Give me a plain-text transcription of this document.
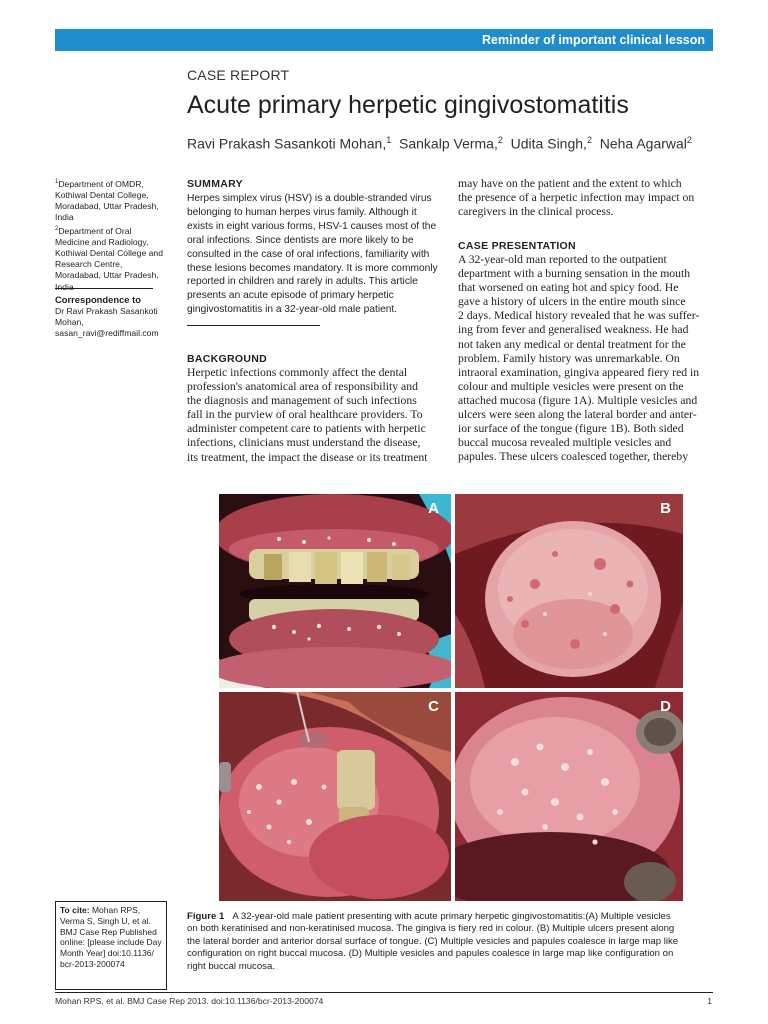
Reminder of important clinical lesson
CASE REPORT
Acute primary herpetic gingivostomatitis
Ravi Prakash Sasankoti Mohan,$^1$ Sankalp Verma,$^2$ Udita Singh,$^2$ Neha Agarwal$^2$
$^1$Department of OMDR, Kothiwal Dental College, Moradabad, Uttar Pradesh, India
$^2$Department of Oral Medicine and Radiology, Kothiwal Dental College and Research Centre, Moradabad, Uttar Pradesh, India
Correspondence to
Dr Ravi Prakash Sasankoti
Mohan,
sasan_ravi@rediffmail.com
SUMMARY
Herpes simplex virus (HSV) is a double-stranded virus
belonging to human herpes virus family. Although it
exists in eight various forms, HSV-1 causes most of the
oral infections. Since dentists are more likely to be
consulted in the case of oral infections, familiarity with
these lesions becomes mandatory. It is more commonly
reported in children and rarely in adults. This article
presents an acute episode of primary herpetic
gingivostomatitis in a 32-year-old male patient.
BACKGROUND
Herpetic infections commonly affect the dental
profession's anatomical area of responsibility and
the diagnosis and management of such infections
fall in the purview of oral healthcare providers. To
administer competent care to patients with herpetic
infections, clinicians must understand the disease,
its treatment, the impact the disease or its treatment
may have on the patient and the extent to which
the presence of a herpetic infection may impact on
caregivers in the clinical process.
CASE PRESENTATION
A 32-year-old man reported to the outpatient
department with a burning sensation in the mouth
that worsened on eating hot and spicy food. He
gave a history of ulcers in the entire mouth since
2 days. Medical history revealed that he was suffer-
ing from fever and generalised weakness. He had
not taken any medical or dental treatment for the
problem. Family history was unremarkable. On
intraoral examination, gingiva appeared fiery red in
colour and multiple vesicles were present on the
attached mucosa (figure 1A). Multiple vesicles and
ulcers were seen along the lateral border and anter-
ior surface of the tongue (figure 1B). Both sided
buccal mucosa revealed multiple vesicles and
papules. These ulcers coalesced together, thereby
A	B
C	D
To cite: Mohan RPS,
Verma S, Singh U, et al.
BMJ Case Rep Published
online: [please include Day
Month Year] doi:10.1136/
bcr-2013-200074
Figure 1 A 32-year-old male patient presenting with acute primary herpetic gingivostomatitis:(A) Multiple vesicles
on both keratinised and non-keratinised mucosa. The gingiva is fiery red in colour. (B) Multiple ulcers present along
the lateral border and anterior dorsal surface of tongue. (C) Multiple vesicles and papules coalesce in large map like
configuration on right buccal mucosa. (D) Multiple vesicles and papules coalesce in large map like configuration on
right buccal mucosa.
Mohan RPS, et al. BMJ Case Rep 2013. doi:10.1136/bcr-2013-200074	1
